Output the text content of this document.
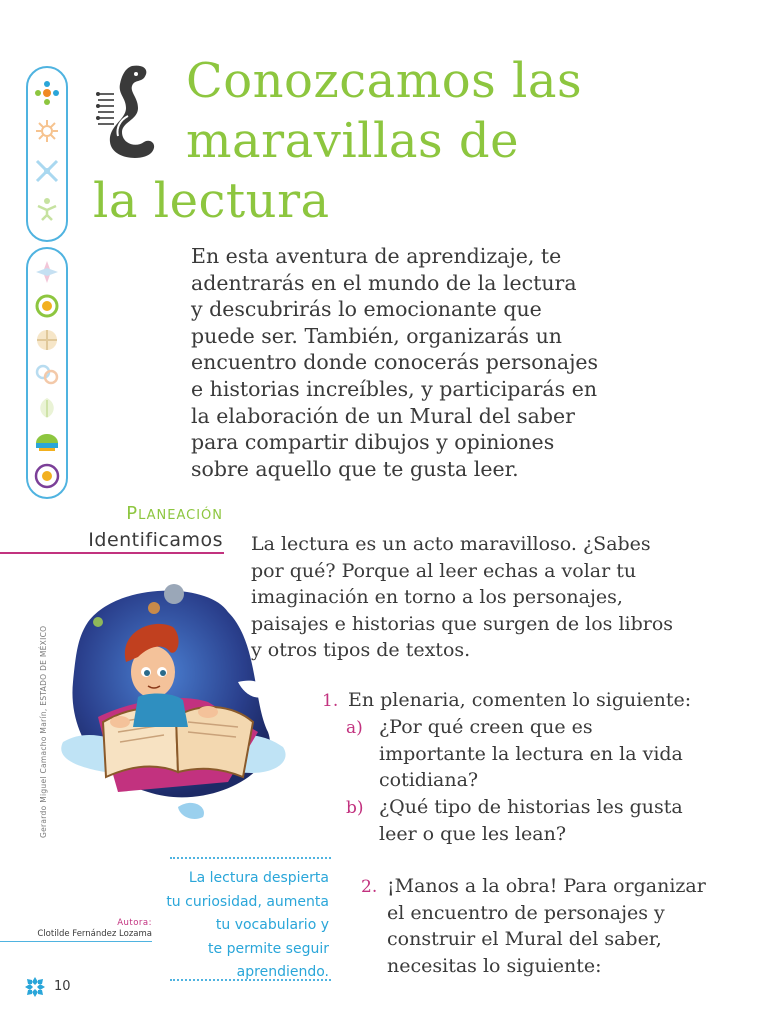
Conozcamos las
maravillas de
la lectura

En esta aventura de aprendizaje, te
adentrarás en el mundo de la lectura
y descubrirás lo emocionante que
puede ser. También, organizarás un
encuentro donde conocerás personajes
e historias increíbles, y participarás en
la elaboración de un Mural del saber
para compartir dibujos y opiniones
sobre aquello que te gusta leer.

Planeación
Identificamos La lectura es un acto maravilloso. ¿Sabes
por qué? Porque al leer echas a volar tu
imaginación en torno a los personajes,
paisajes e historias que surgen de los libros
y otros tipos de textos.

Gerardo Miguel Camacho Marín, ESTADO DE MÉXICO	1. En plenaria, comenten lo siguiente:
a) ¿Por qué creen que es
importante la lectura en la vida
cotidiana?
b) ¿Qué tipo de historias les gusta
leer o que les lean?
2. ¡Manos a la obra! Para organizar
el encuentro de personajes y
construir el Mural del saber,
necesitas lo siguiente:
La lectura despierta
tu curiosidad, aumenta
tu vocabulario y
te permite seguir
aprendiendo.
Autora:
Clotilde Fernández Lozama
10
